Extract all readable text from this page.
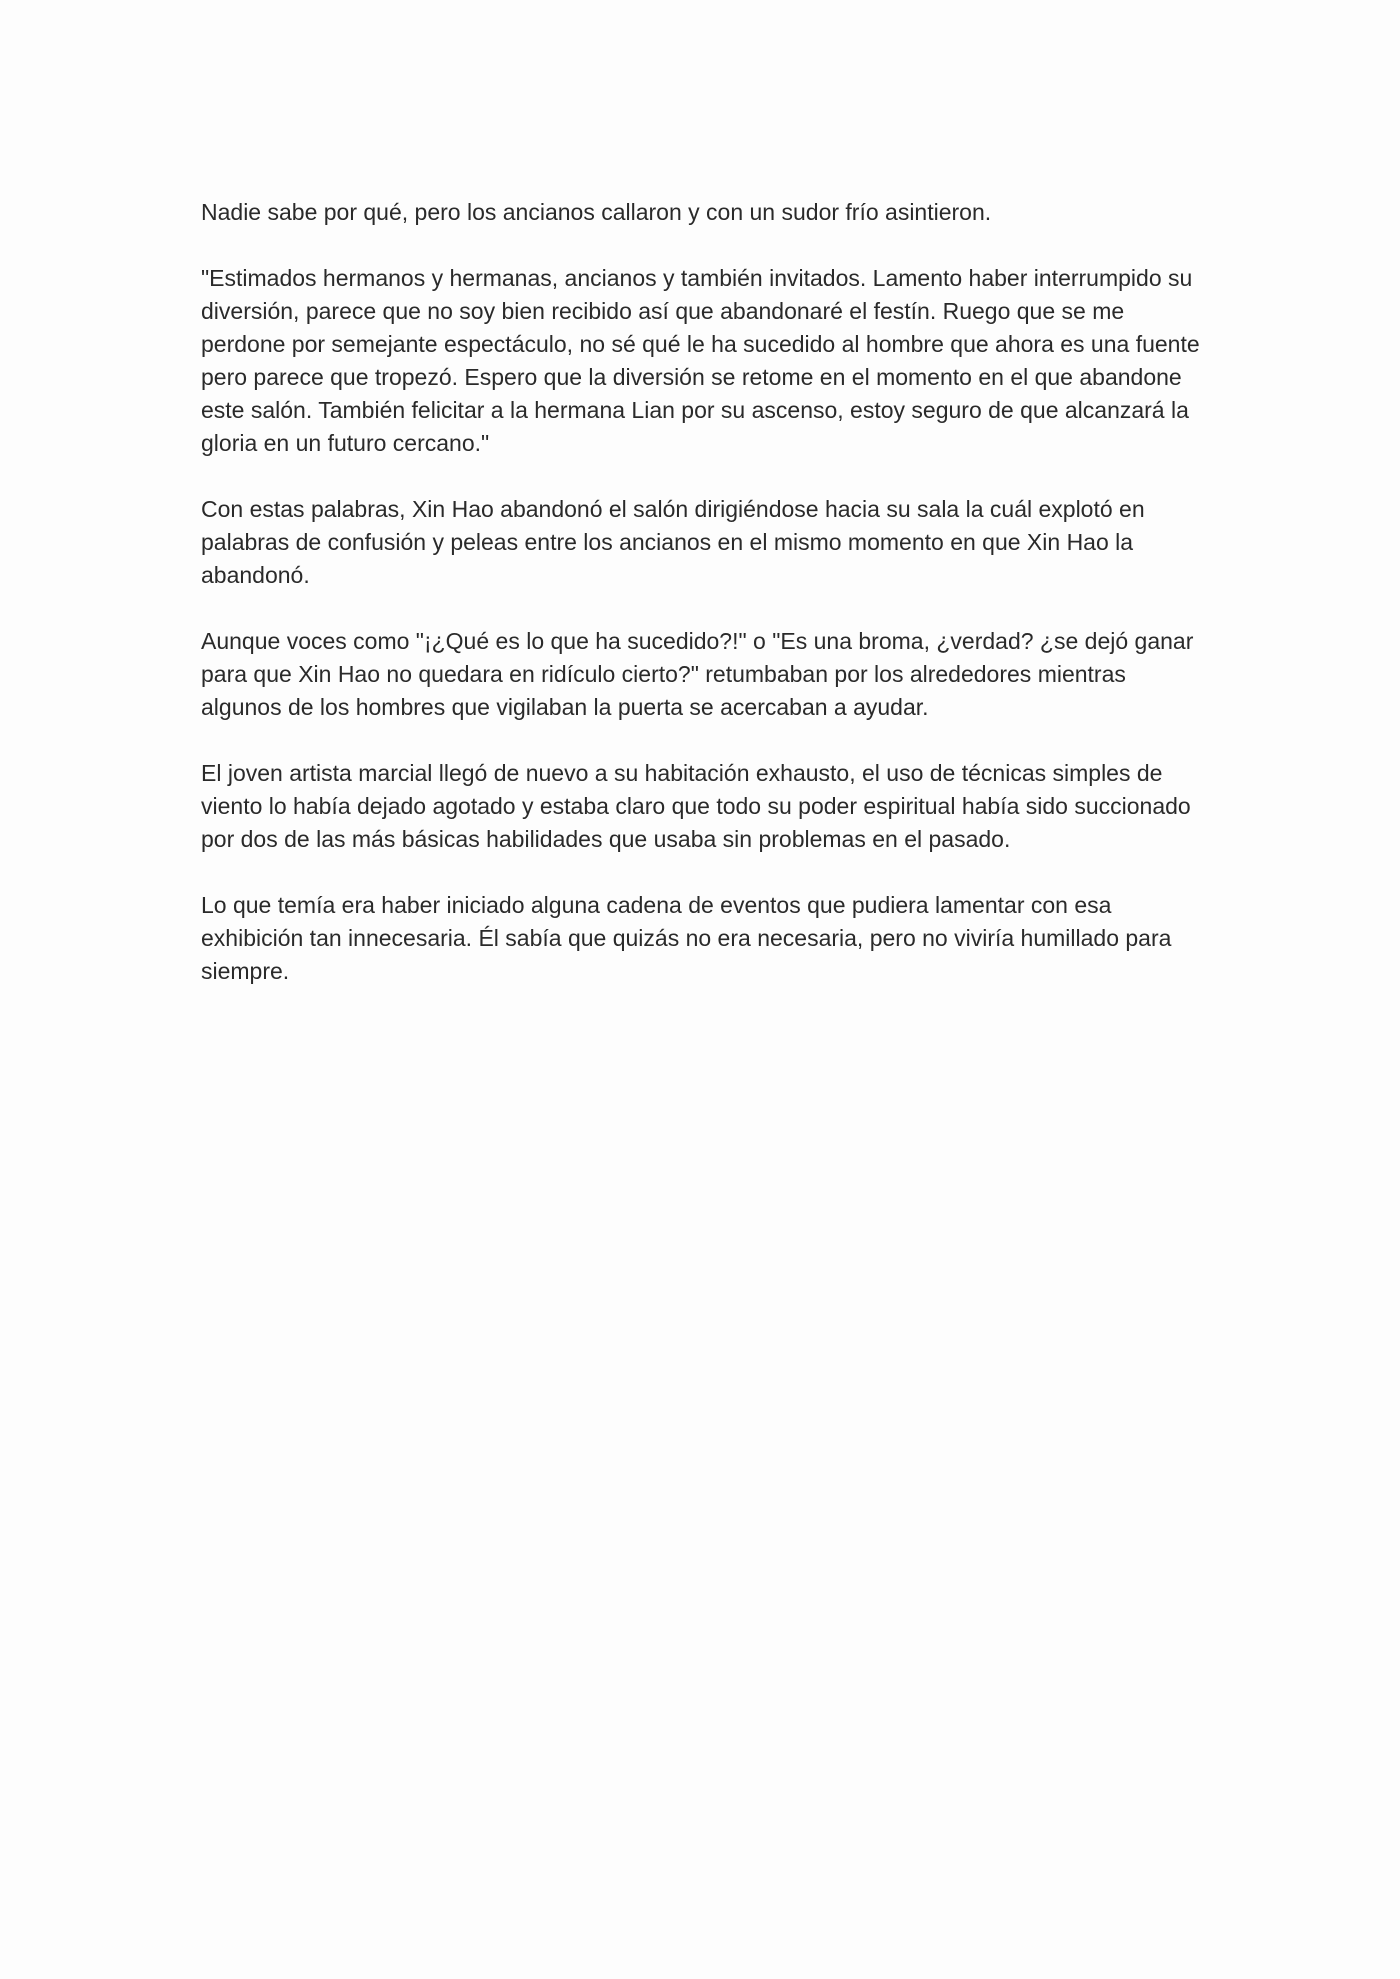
Nadie sabe por qué, pero los ancianos callaron y con un sudor frío asintieron.

"Estimados hermanos y hermanas, ancianos y también invitados. Lamento haber interrumpido su diversión, parece que no soy bien recibido así que abandonaré el festín. Ruego que se me perdone por semejante espectáculo, no sé qué le ha sucedido al hombre que ahora es una fuente pero parece que tropezó. Espero que la diversión se retome en el momento en el que abandone este salón. También felicitar a la hermana Lian por su ascenso, estoy seguro de que alcanzará la gloria en un futuro cercano."

Con estas palabras, Xin Hao abandonó el salón dirigiéndose hacia su sala la cuál explotó en palabras de confusión y peleas entre los ancianos en el mismo momento en que Xin Hao la abandonó.

Aunque voces como "¡¿Qué es lo que ha sucedido?!" o "Es una broma, ¿verdad? ¿se dejó ganar para que Xin Hao no quedara en ridículo cierto?" retumbaban por los alrededores mientras algunos de los hombres que vigilaban la puerta se acercaban a ayudar.

El joven artista marcial llegó de nuevo a su habitación exhausto, el uso de técnicas simples de viento lo había dejado agotado y estaba claro que todo su poder espiritual había sido succionado por dos de las más básicas habilidades que usaba sin problemas en el pasado.

Lo que temía era haber iniciado alguna cadena de eventos que pudiera lamentar con esa exhibición tan innecesaria. Él sabía que quizás no era necesaria, pero no viviría humillado para siempre.
